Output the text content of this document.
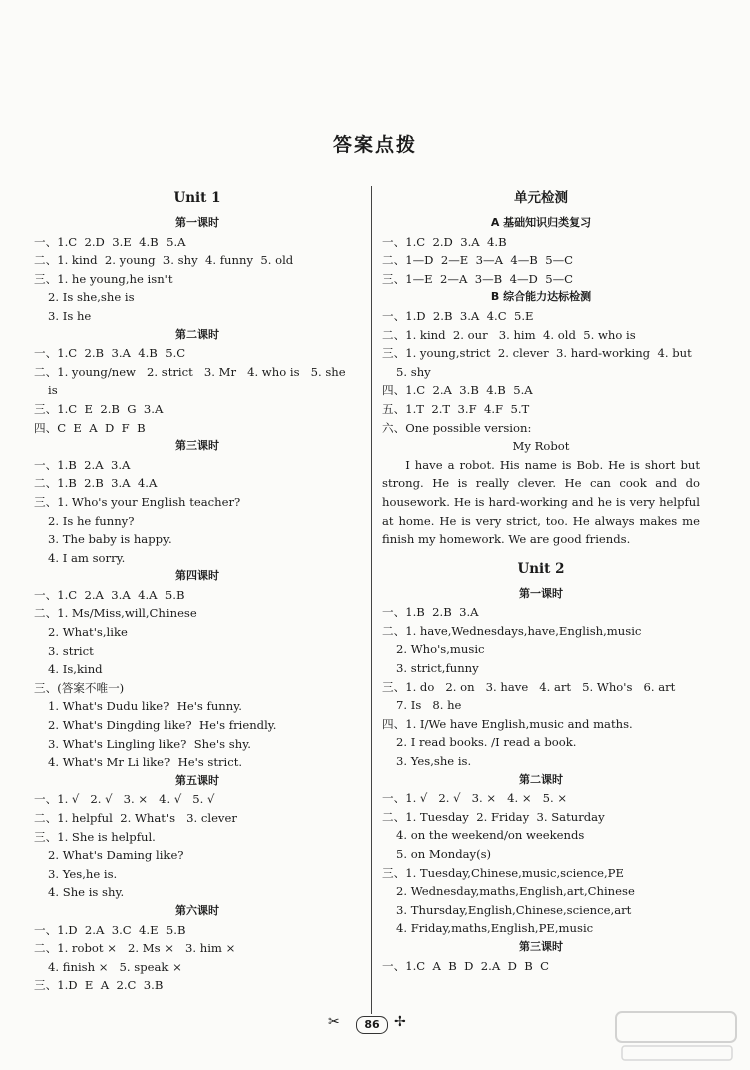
答案点拨
Unit 1
第一课时
一、1.C  2.D  3.E  4.B  5.A
二、1. kind  2. young  3. shy  4. funny  5. old
三、1. he young,he isn't
2. Is she,she is
3. Is he
第二课时
一、1.C  2.B  3.A  4.B  5.C
二、1. young/new   2. strict   3. Mr   4. who is   5. she
is
三、1.C  E  2.B  G  3.A
四、C  E  A  D  F  B
第三课时
一、1.B  2.A  3.A
二、1.B  2.B  3.A  4.A
三、1. Who's your English teacher?
2. Is he funny?
3. The baby is happy.
4. I am sorry.
第四课时
一、1.C  2.A  3.A  4.A  5.B
二、1. Ms/Miss,will,Chinese
2. What's,like
3. strict
4. Is,kind
三、(答案不唯一)
1. What's Dudu like?  He's funny.
2. What's Dingding like?  He's friendly.
3. What's Lingling like?  She's shy.
4. What's Mr Li like?  He's strict.
第五课时
一、1. √   2. √   3. ×   4. √   5. √
二、1. helpful  2. What's   3. clever
三、1. She is helpful.
2. What's Daming like?
3. Yes,he is.
4. She is shy.
第六课时
一、1.D  2.A  3.C  4.E  5.B
二、1. robot ×   2. Ms ×   3. him ×
4. finish ×   5. speak ×
三、1.D  E  A  2.C  3.B
单元检测
A 基础知识归类复习
一、1.C  2.D  3.A  4.B
二、1—D  2—E  3—A  4—B  5—C
三、1—E  2—A  3—B  4—D  5—C
B 综合能力达标检测
一、1.D  2.B  3.A  4.C  5.E
二、1. kind  2. our   3. him  4. old  5. who is
三、1. young,strict  2. clever  3. hard-working  4. but
5. shy
四、1.C  2.A  3.B  4.B  5.A
五、1.T  2.T  3.F  4.F  5.T
六、One possible version:
My Robot
I have a robot. His name is Bob. He is short but strong. He is really clever. He can cook and do housework. He is hard-working and he is very helpful at home. He is very strict, too. He always makes me finish my homework. We are good friends.
Unit 2
第一课时
一、1.B  2.B  3.A
二、1. have,Wednesdays,have,English,music
2. Who's,music
3. strict,funny
三、1. do   2. on   3. have   4. art   5. Who's   6. art
7. Is   8. he
四、1. I/We have English,music and maths.
2. I read books. /I read a book.
3. Yes,she is.
第二课时
一、1. √   2. √   3. ×   4. ×   5. ×
二、1. Tuesday  2. Friday  3. Saturday
4. on the weekend/on weekends
5. on Monday(s)
三、1. Tuesday,Chinese,music,science,PE
2. Wednesday,maths,English,art,Chinese
3. Thursday,English,Chinese,science,art
4. Friday,maths,English,PE,music
第三课时
一、1.C  A  B  D  2.A  D  B  C
✂	86	✢
